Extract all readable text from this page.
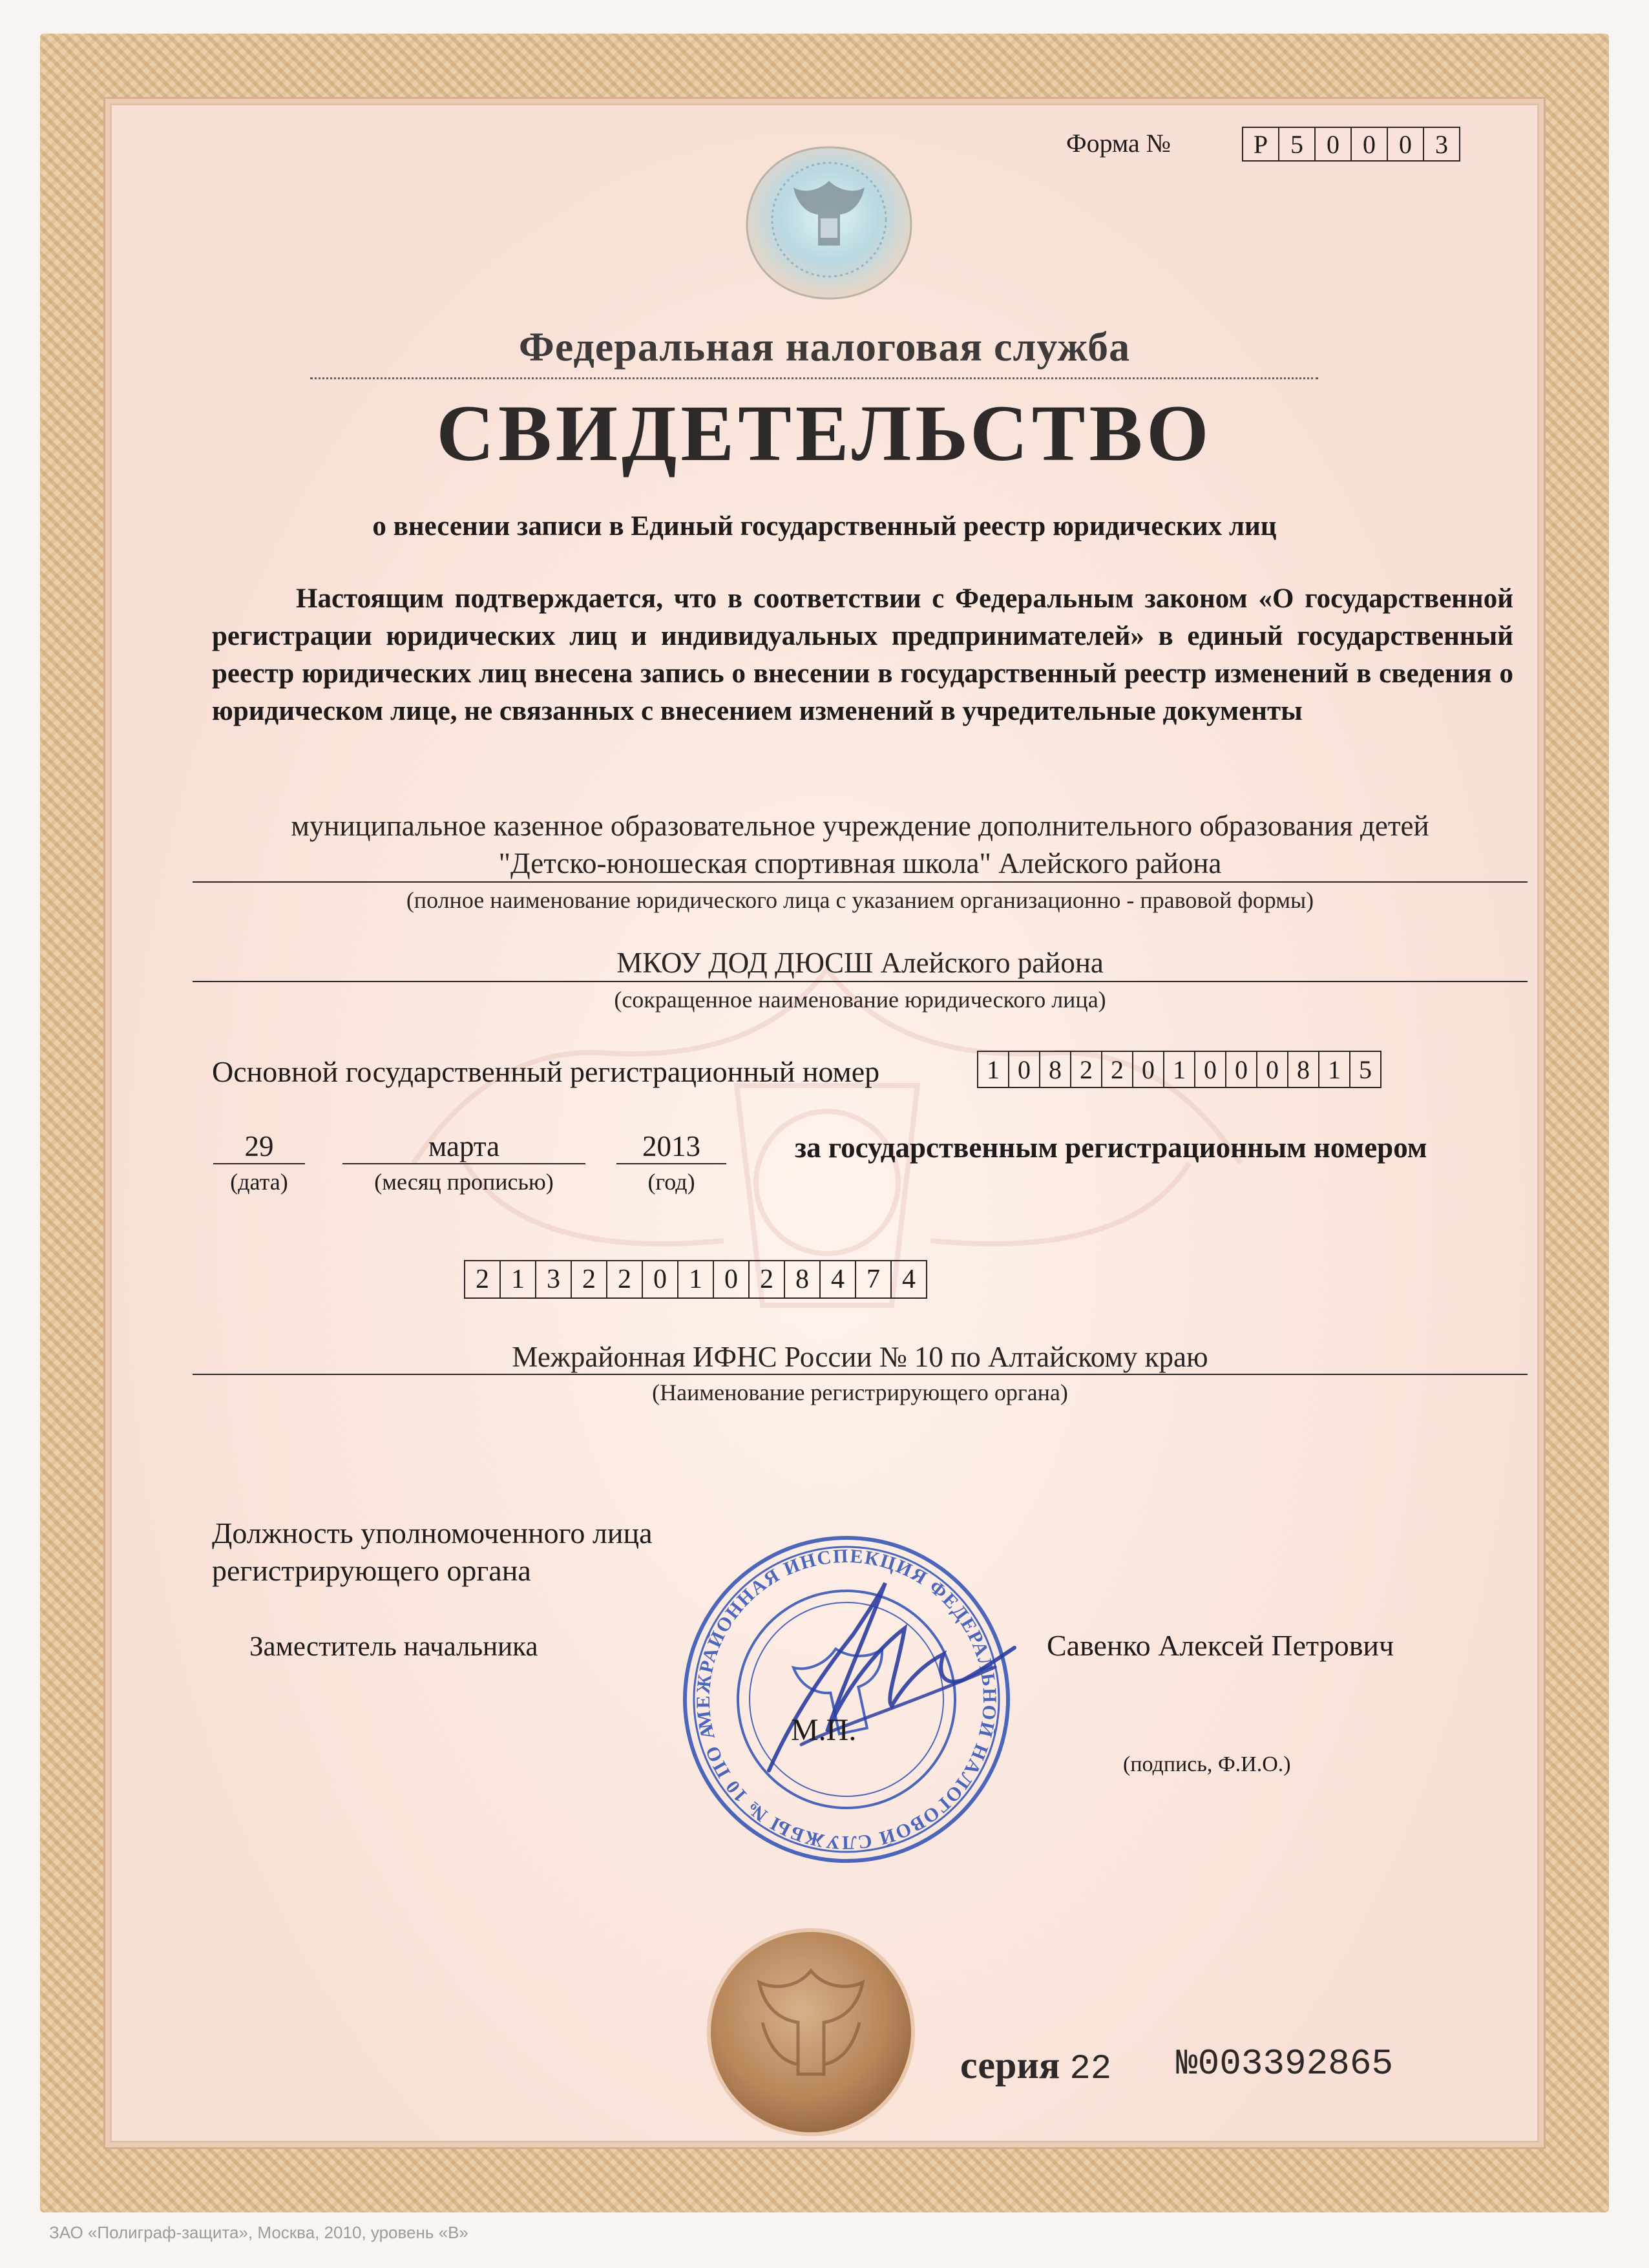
Форма №	Р 5 0 0 0 3
Федеральная налоговая служба
СВИДЕТЕЛЬСТВО
о внесении записи в Единый государственный реестр юридических лиц
Настоящим подтверждается, что в соответствии с Федеральным законом «О государственной регистрации юридических лиц и индивидуальных предпринимателей» в единый государственный реестр юридических лиц внесена запись о внесении в государственный реестр изменений в сведения о юридическом лице, не связанных с внесением изменений в учредительные документы
муниципальное казенное образовательное учреждение дополнительного образования детей
"Детско-юношеская спортивная школа" Алейского района
(полное наименование юридического лица с указанием организационно - правовой формы)
МКОУ ДОД ДЮСШ Алейского района
(сокращенное наименование юридического лица)
Основной государственный регистрационный номер	1 0 8 2 2 0 1 0 0 0 8 1 5
29
(дата)
марта
(месяц прописью)
2013
(год)
за государственным регистрационным номером
2 1 3 2 2 0 1 0 2 8 4 7 4
Межрайонная ИФНС России № 10 по Алтайскому краю
(Наименование регистрирующего органа)
Должность уполномоченного лица регистрирующего органа
Заместитель начальника	Савенко Алексей Петрович
(подпись, Ф.И.О.)
МЕЖРАЙОННАЯ ИНСПЕКЦИЯ ФЕДЕРАЛЬНОЙ НАЛОГОВОЙ СЛУЖБЫ № 10 ПО АЛТАЙСКОМУ
М.П.
серия 22 №003392865
ЗАО «Полиграф-защита», Москва, 2010, уровень «В»
